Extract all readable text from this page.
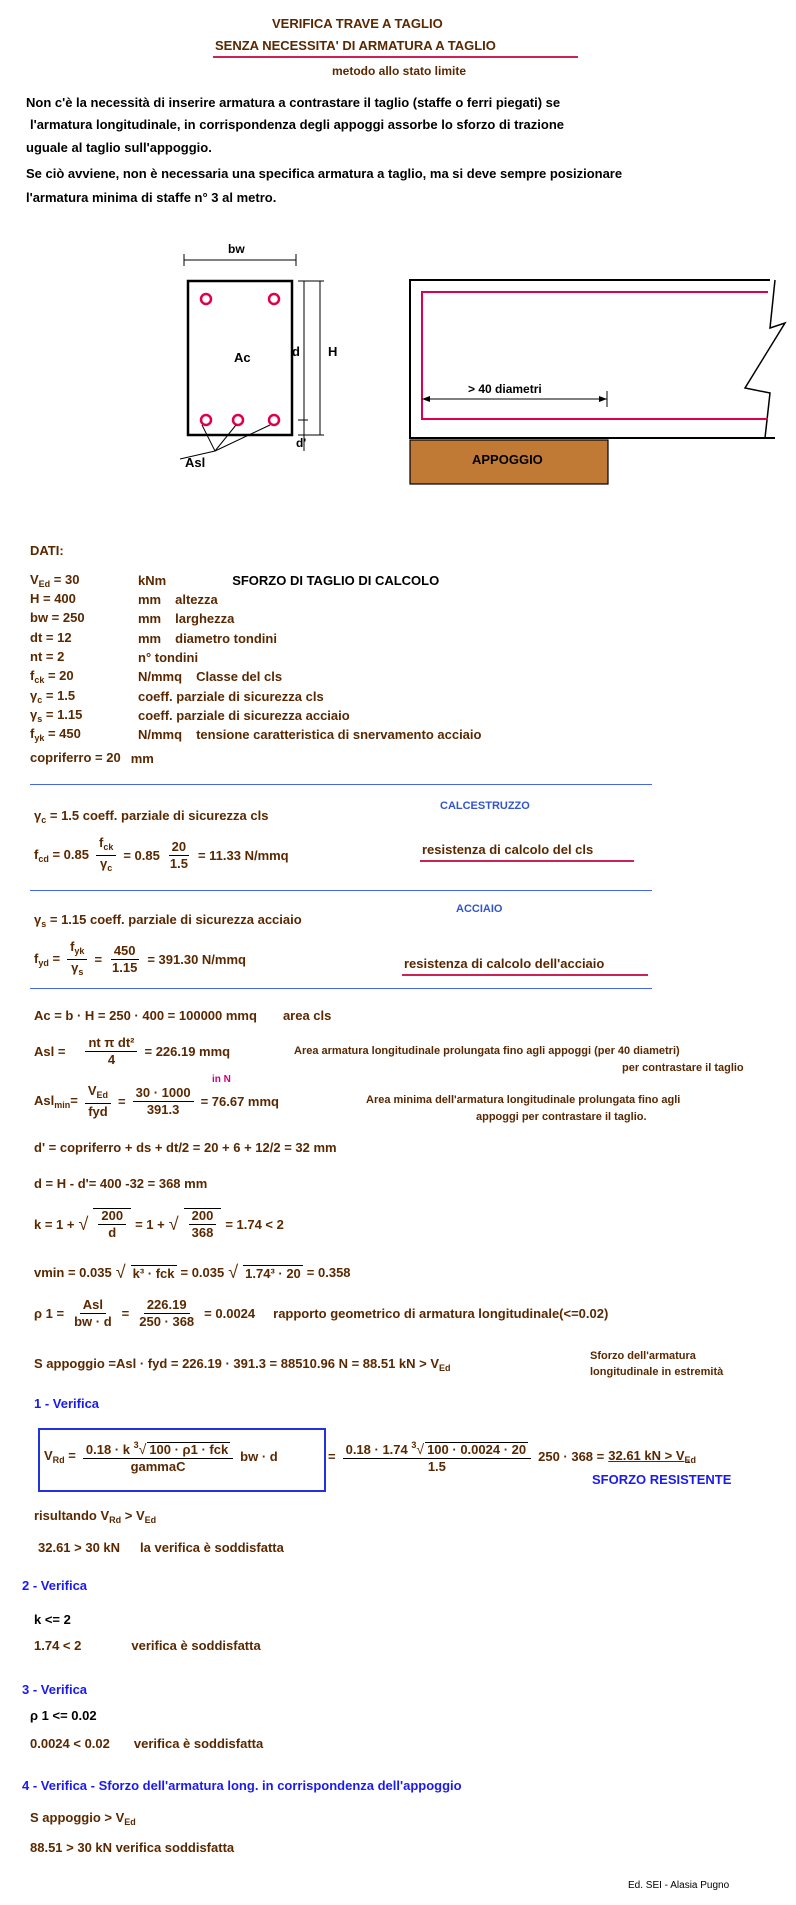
VERIFICA TRAVE A TAGLIO
SENZA NECESSITA' DI ARMATURA A TAGLIO
metodo allo stato limite
Non c'è la necessità di inserire armatura a contrastare il taglio (staffe o ferri piegati) se
l'armatura longitudinale, in corrispondenza degli appoggi assorbe lo sforzo di trazione
uguale al taglio sull'appoggio.
Se ciò avviene, non è necessaria una specifica armatura a taglio, ma si deve sempre posizionare
l'armatura minima di staffe n° 3 al metro.
bw
Ac	d H
d'
Asl
> 40 diametri
APPOGGIO
DATI:
$V_{Ed} = 30$	kNm	SFORZO DI TAGLIO DI CALCOLO
H = 400	mm altezza
bw = 250	mm larghezza
dt = 12	mm diametro tondini
nt = 2	n° tondini
$f_{ck} = 20$	N/mmq Classe del cls
$\gamma_c = 1.5$	coeff. parziale di sicurezza cls
$\gamma_s = 1.15$	coeff. parziale di sicurezza acciaio
$f_{yk} = 450$	N/mmq tensione caratteristica di snervamento acciaio
copriferro = 20 mm
CALCESTRUZZO
$\gamma_c = 1.5$ coeff. parziale di sicurezza cls
$f_{cd} = 0.85 \frac{f_{ck}}{\gamma_c} = 0.85 \frac{20}{1.5} = 11.33$ N/mmq	resistenza di calcolo del cls
ACCIAIO
$\gamma_s = 1.15$ coeff. parziale di sicurezza acciaio
$f_{yd} = \frac{f_{yk}}{\gamma_s} = \frac{450}{1.15} = 391.30$ N/mmq	resistenza di calcolo dell'acciaio
Ac = b · H = 250 · 400 = 100000 mmq area cls
Asl = $\frac{\text{nt π dt²}}{4} = 226.19$ mmq	Area armatura longitudinale prolungata fino agli appoggi (per 40 diametri)
per contrastare il taglio
in N
$Asl_{min}= \frac{V_{Ed}}{\text{fyd}} = \frac{30 \cdot 1000}{391.3} = 76.67$ mmq	Area minima dell'armatura longitudinale prolungata fino agli
appoggi per contrastare il taglio.
d' = copriferro + ds + dt/2 = 20 + 6 + 12/2 = 32 mm
d = H - d'= 400 -32 = 368 mm
k = 1 + √ $\frac{200}{d} = 1$ + √ $\frac{200}{368} = 1.74 < 2$
vmin = 0.035 √ k³ · fck = 0.035 √ 1.74³ · 20 = 0.358
ρ $1 = \frac{\text{Asl}}{bw \cdot d} = \frac{226.19}{250 \cdot 368} = 0.0024$ rapporto geometrico di armatura longitudinale(<=0.02)
S appoggio =Asl · fyd = 226.19 · 391.3 = 88510.96 N = 88.51 kN > $V_{Ed}$
Sforzo dell'armatura
longitudinale in estremità
1 - Verifica
$V_{Rd} = \frac{0.18 \cdot k ^3√ 100 \cdot \rho 1 \cdot fck}{\text{gammaC}}$ bw · d	= $\frac{0.18 \cdot 1.74 ^3√ 100 \cdot 0.0024 \cdot 20}{1.5} 250 \cdot 368 = 32.61$ kN > $V_{Ed}$
SFORZO RESISTENTE
risultando $V_{Rd} > V_{Ed}$
32.61 > 30 kN la verifica è soddisfatta
2 - Verifica
k <= 2
1.74 < 2	verifica è soddisfatta
3 - Verifica
ρ 1 <= 0.02
0.0024 < 0.02 verifica è soddisfatta
4 - Verifica - Sforzo dell'armatura long. in corrispondenza dell'appoggio
S appoggio > $V_{Ed}$
88.51 > 30 kN verifica soddisfatta
Ed. SEI - Alasia Pugno
